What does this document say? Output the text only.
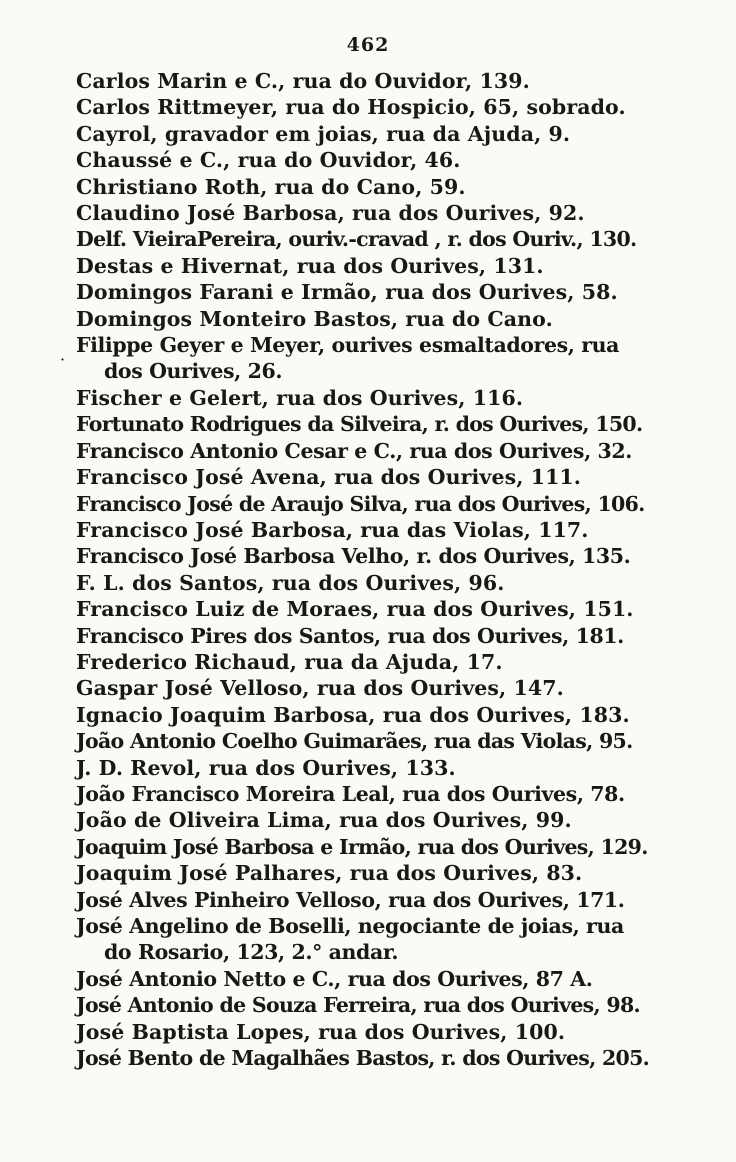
462
·
Carlos Marin e C., rua do Ouvidor, 139.
Carlos Rittmeyer, rua do Hospicio, 65, sobrado.
Cayrol, gravador em joias, rua da Ajuda, 9.
Chaussé e C., rua do Ouvidor, 46.
Christiano Roth, rua do Cano, 59.
Claudino José Barbosa, rua dos Ourives, 92.
Delf. VieiraPereira, ouriv.-cravad , r. dos Ouriv., 130.
Destas e Hivernat, rua dos Ourives, 131.
Domingos Farani e Irmão, rua dos Ourives, 58.
Domingos Monteiro Bastos, rua do Cano.
Filippe Geyer e Meyer, ourives esmaltadores, rua
dos Ourives, 26.
Fischer e Gelert, rua dos Ourives, 116.
Fortunato Rodrigues da Silveira, r. dos Ourives, 150.
Francisco Antonio Cesar e C., rua dos Ourives, 32.
Francisco José Avena, rua dos Ourives, 111.
Francisco José de Araujo Silva, rua dos Ourives, 106.
Francisco José Barbosa, rua das Violas, 117.
Francisco José Barbosa Velho, r. dos Ourives, 135.
F. L. dos Santos, rua dos Ourives, 96.
Francisco Luiz de Moraes, rua dos Ourives, 151.
Francisco Pires dos Santos, rua dos Ourives, 181.
Frederico Richaud, rua da Ajuda, 17.
Gaspar José Velloso, rua dos Ourives, 147.
Ignacio Joaquim Barbosa, rua dos Ourives, 183.
João Antonio Coelho Guimarães, rua das Violas, 95.
J. D. Revol, rua dos Ourives, 133.
João Francisco Moreira Leal, rua dos Ourives, 78.
João de Oliveira Lima, rua dos Ourives, 99.
Joaquim José Barbosa e Irmão, rua dos Ourives, 129.
Joaquim José Palhares, rua dos Ourives, 83.
José Alves Pinheiro Velloso, rua dos Ourives, 171.
José Angelino de Boselli, negociante de joias, rua
do Rosario, 123, 2.° andar.
José Antonio Netto e C., rua dos Ourives, 87 A.
José Antonio de Souza Ferreira, rua dos Ourives, 98.
José Baptista Lopes, rua dos Ourives, 100.
José Bento de Magalhães Bastos, r. dos Ourives, 205.
